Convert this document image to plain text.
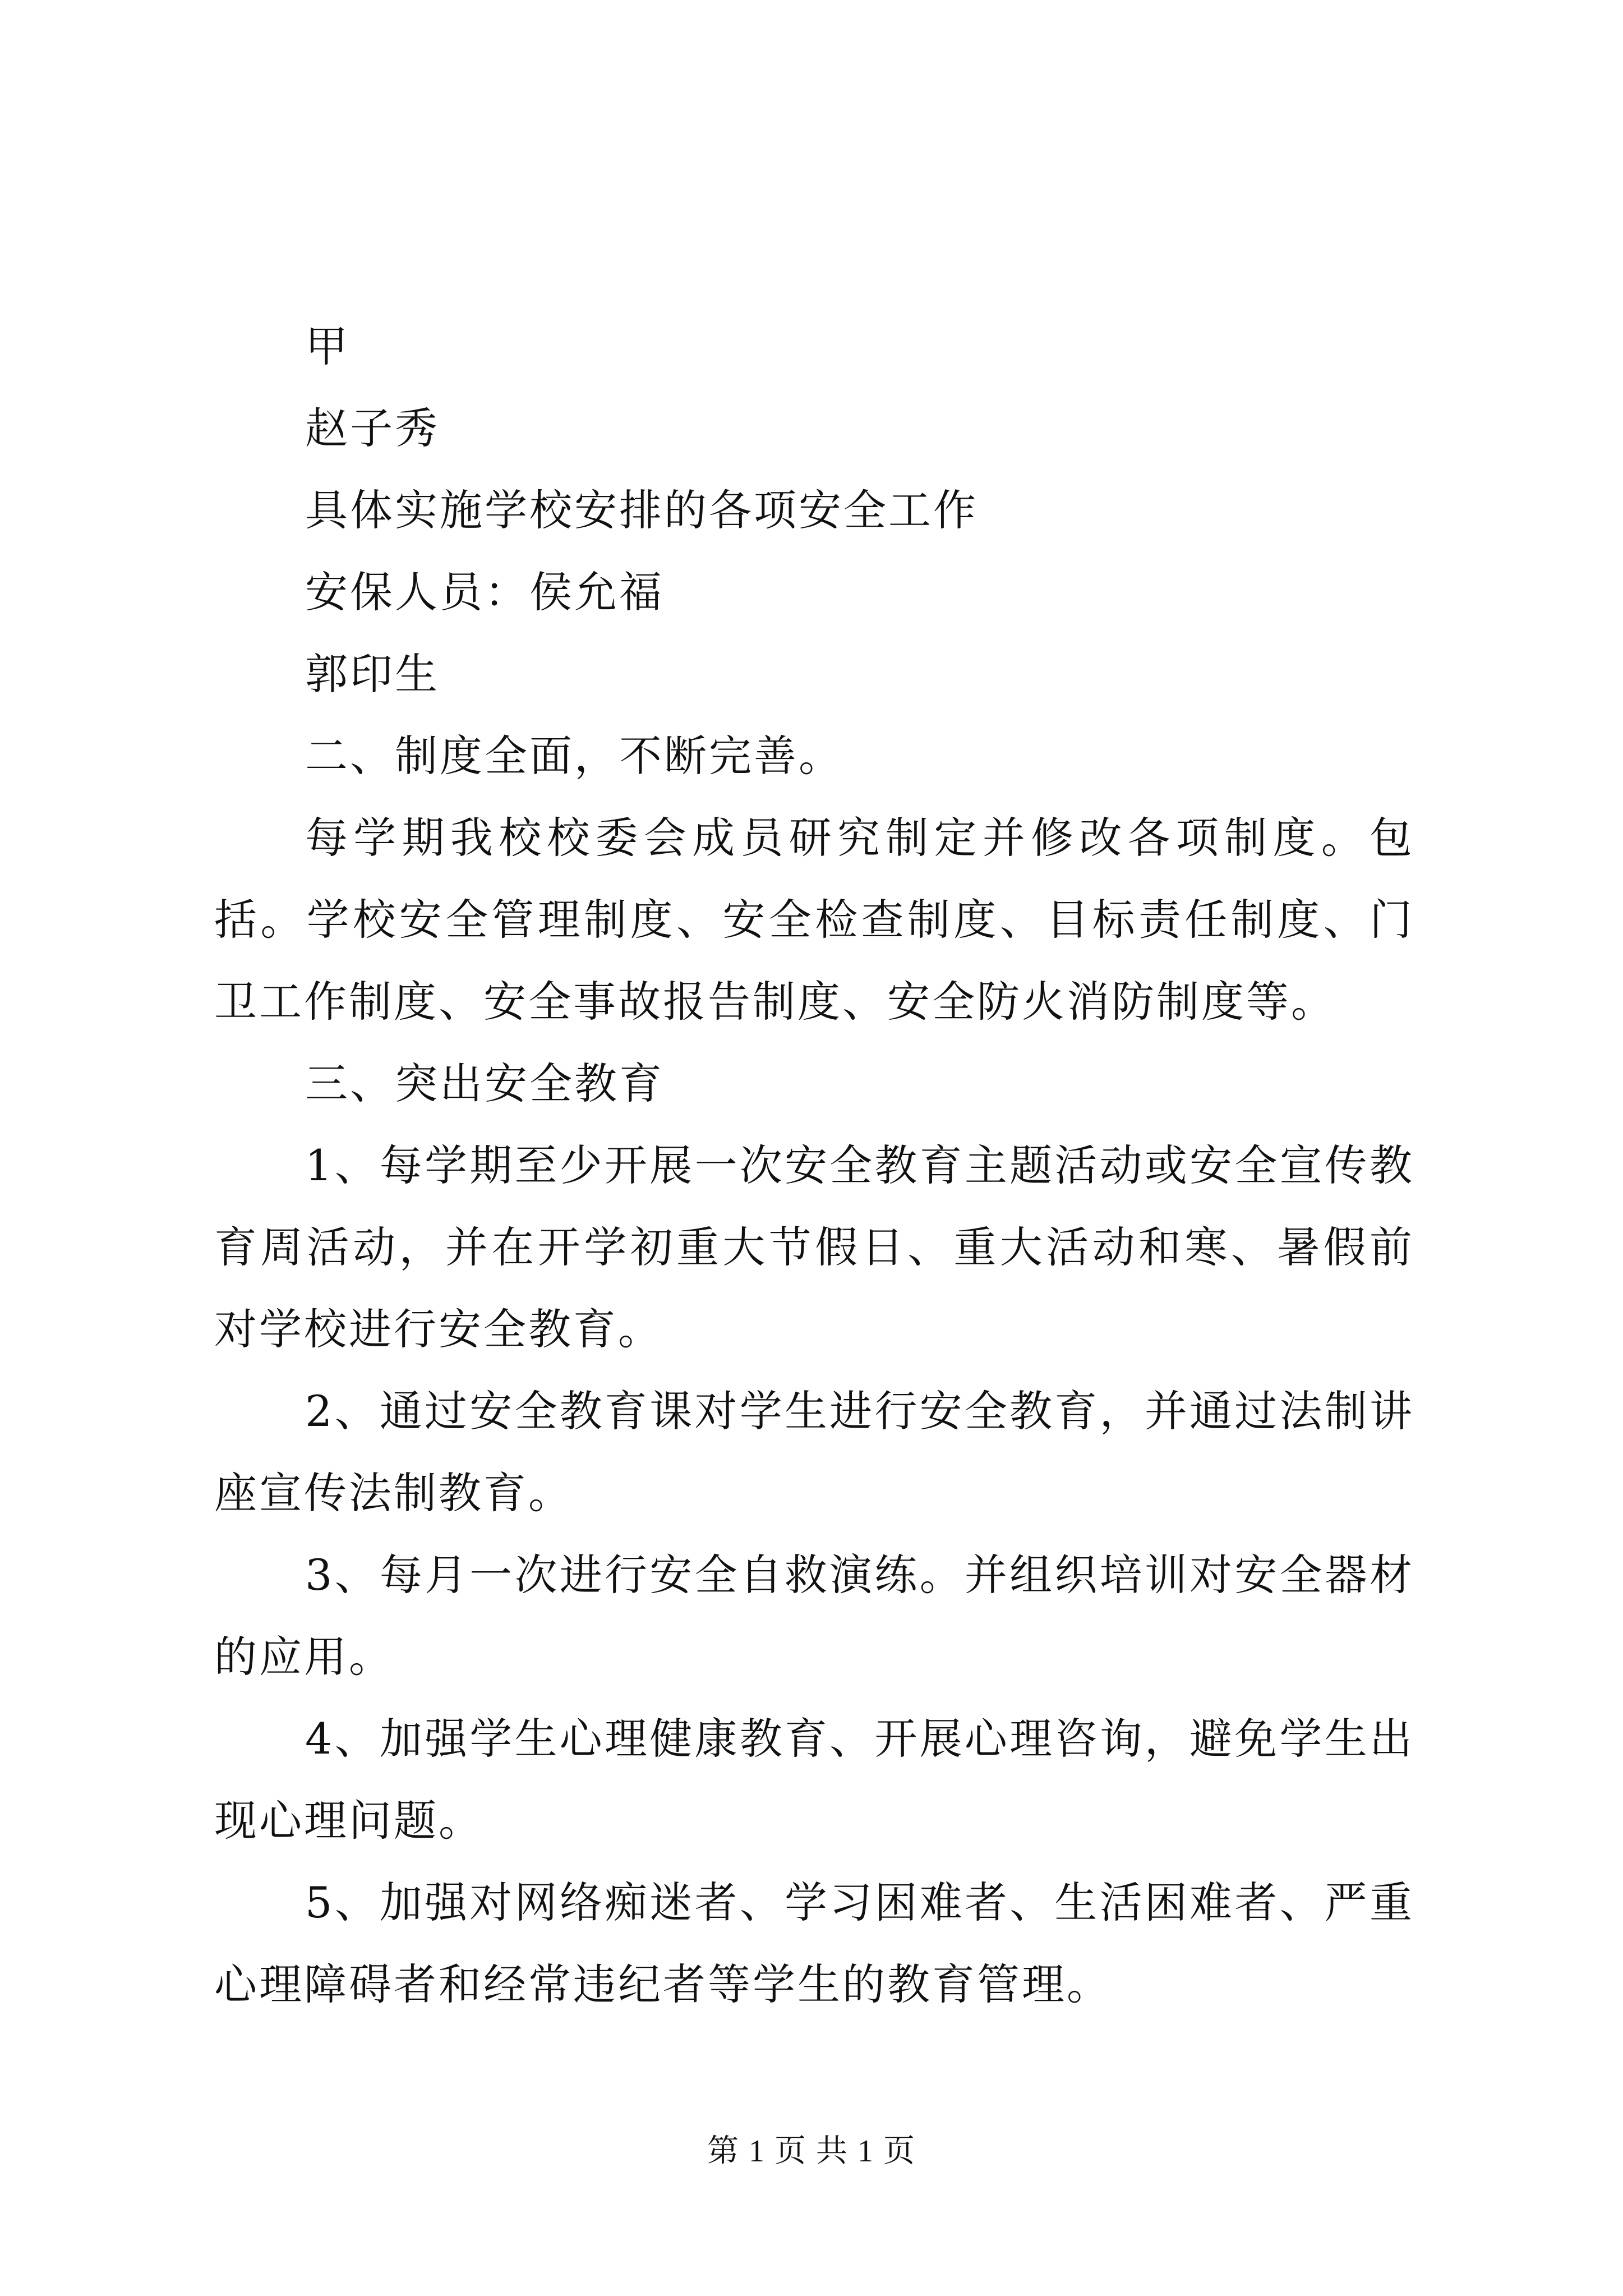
甲

赵子秀

具体实施学校安排的各项安全工作

安保人员：侯允福

郭印生

二、制度全面，不断完善。

每学期我校校委会成员研究制定并修改各项制度。包括。学校安全管理制度、安全检查制度、目标责任制度、门卫工作制度、安全事故报告制度、安全防火消防制度等。

三、突出安全教育

1、每学期至少开展一次安全教育主题活动或安全宣传教育周活动，并在开学初重大节假日、重大活动和寒、暑假前对学校进行安全教育。

2、通过安全教育课对学生进行安全教育，并通过法制讲座宣传法制教育。

3、每月一次进行安全自救演练。并组织培训对安全器材的应用。

4、加强学生心理健康教育、开展心理咨询，避免学生出现心理问题。

5、加强对网络痴迷者、学习困难者、生活困难者、严重心理障碍者和经常违纪者等学生的教育管理。

第 1 页 共 1 页
